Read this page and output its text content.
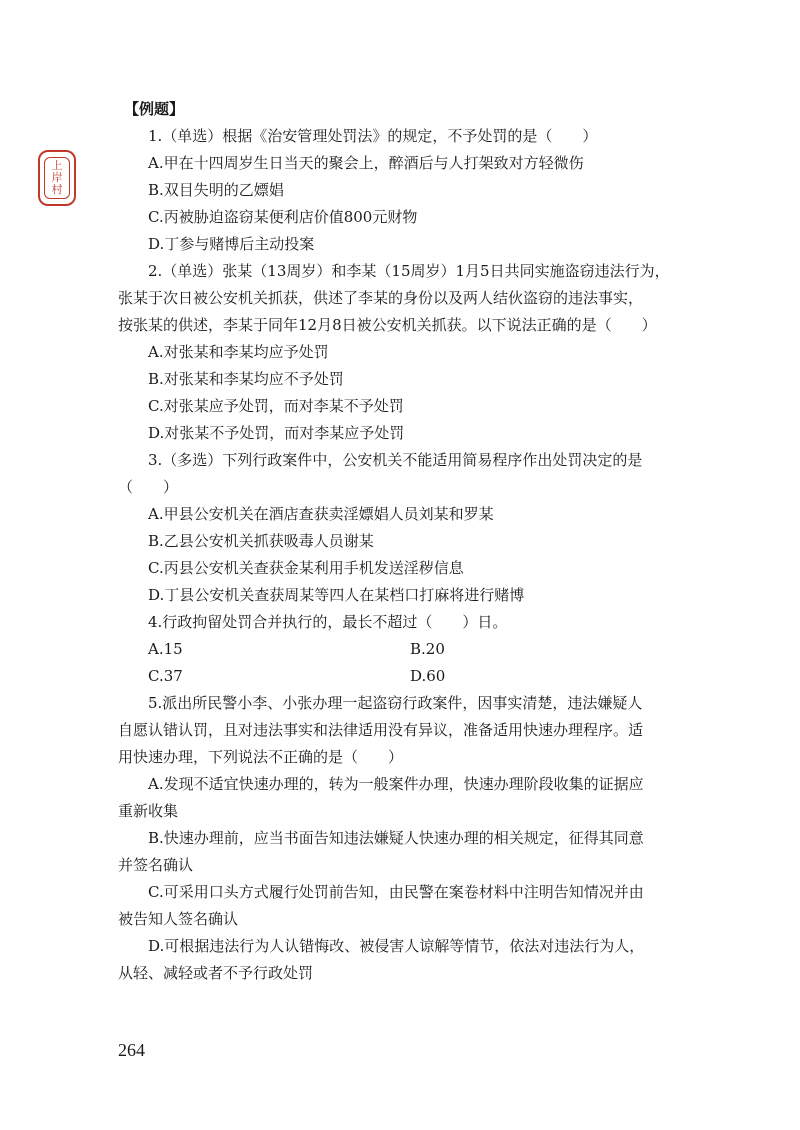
上
岸
村
【例题】

1.（单选）根据《治安管理处罚法》的规定，不予处罚的是（　　）

A.甲在十四周岁生日当天的聚会上，醉酒后与人打架致对方轻微伤

B.双目失明的乙嫖娼

C.丙被胁迫盗窃某便利店价值800元财物

D.丁参与赌博后主动投案

2.（单选）张某（13周岁）和李某（15周岁）1月5日共同实施盗窃违法行为，

张某于次日被公安机关抓获，供述了李某的身份以及两人结伙盗窃的违法事实，

按张某的供述，李某于同年12月8日被公安机关抓获。以下说法正确的是（　　）

A.对张某和李某均应予处罚

B.对张某和李某均应不予处罚

C.对张某应予处罚，而对李某不予处罚

D.对张某不予处罚，而对李某应予处罚

3.（多选）下列行政案件中，公安机关不能适用简易程序作出处罚决定的是

（　　）

A.甲县公安机关在酒店查获卖淫嫖娼人员刘某和罗某

B.乙县公安机关抓获吸毒人员谢某

C.丙县公安机关查获金某利用手机发送淫秽信息

D.丁县公安机关查获周某等四人在某档口打麻将进行赌博

4.行政拘留处罚合并执行的，最长不超过（　　）日。

A.15	B.20
C.37	D.60

5.派出所民警小李、小张办理一起盗窃行政案件，因事实清楚，违法嫌疑人

自愿认错认罚，且对违法事实和法律适用没有异议，准备适用快速办理程序。适

用快速办理，下列说法不正确的是（　　）

A.发现不适宜快速办理的，转为一般案件办理，快速办理阶段收集的证据应

重新收集

B.快速办理前，应当书面告知违法嫌疑人快速办理的相关规定，征得其同意

并签名确认

C.可采用口头方式履行处罚前告知，由民警在案卷材料中注明告知情况并由

被告知人签名确认

D.可根据违法行为人认错悔改、被侵害人谅解等情节，依法对违法行为人，

从轻、减轻或者不予行政处罚

264
